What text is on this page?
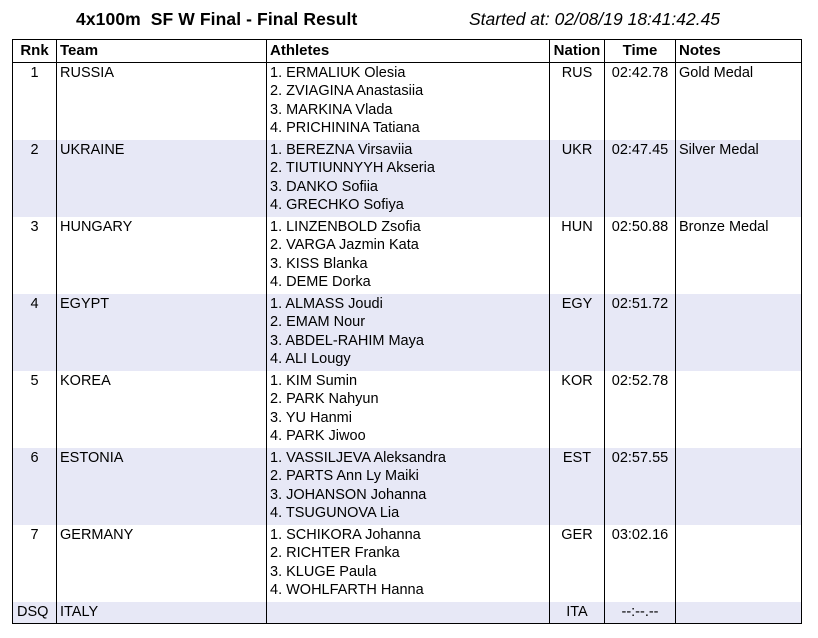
4x100m  SF W Final - Final Result	Started at: 02/08/19 18:41:42.45
Rnk	Team	Athletes	Nation	Time	Notes
1	RUSSIA	1. ERMALIUK Olesia
2. ZVIAGINA Anastasiia
3. MARKINA Vlada
4. PRICHININA Tatiana	RUS	02:42.78	Gold Medal
2	UKRAINE	1. BEREZNA Virsaviia
2. TIUTIUNNYYH Akseria
3. DANKO Sofiia
4. GRECHKO Sofiya	UKR	02:47.45	Silver Medal
3	HUNGARY	1. LINZENBOLD Zsofia
2. VARGA Jazmin Kata
3. KISS Blanka
4. DEME Dorka	HUN	02:50.88	Bronze Medal
4	EGYPT	1. ALMASS Joudi
2. EMAM Nour
3. ABDEL-RAHIM Maya
4. ALI Lougy	EGY	02:51.72	
5	KOREA	1. KIM Sumin
2. PARK Nahyun
3. YU Hanmi
4. PARK Jiwoo	KOR	02:52.78	
6	ESTONIA	1. VASSILJEVA Aleksandra
2. PARTS Ann Ly Maiki
3. JOHANSON Johanna
4. TSUGUNOVA Lia	EST	02:57.55	
7	GERMANY	1. SCHIKORA Johanna
2. RICHTER Franka
3. KLUGE Paula
4. WOHLFARTH Hanna	GER	03:02.16	
DSQ	ITALY		ITA	--:--.--	
